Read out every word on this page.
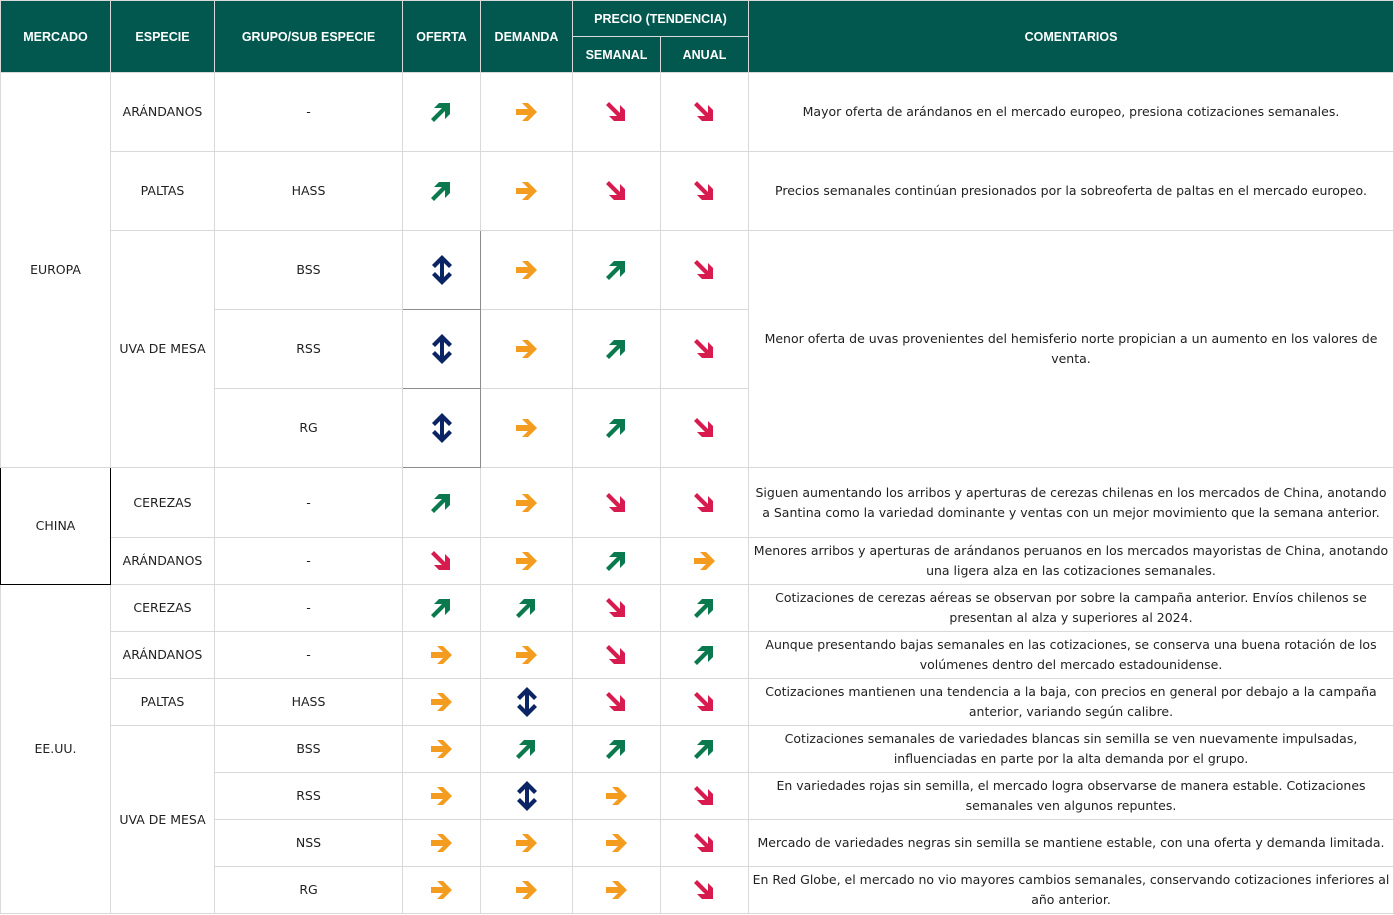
MERCADO	ESPECIE	GRUPO/SUB ESPECIE	OFERTA	DEMANDA	PRECIO (TENDENCIA)		COMENTARIOS
					SEMANAL	ANUAL	
EUROPA	ARÁNDANOS	-					Mayor oferta de arándanos en el mercado europeo, presiona cotizaciones semanales.
	PALTAS	HASS					Precios semanales continúan presionados por la sobreoferta de paltas en el mercado europeo.
	UVA DE MESA	BSS					Menor oferta de uvas provenientes del hemisferio norte propician a un aumento en los valores de venta.
		RSS	

		RG	

CHINA	CEREZAS	-					Siguen aumentando los arribos y aperturas de cerezas chilenas en los mercados de China, anotando a Santina como la variedad dominante y ventas con un mejor movimiento que la semana anterior.
	ARÁNDANOS	-					Menores arribos y aperturas de arándanos peruanos en los mercados mayoristas de China, anotando una ligera alza en las cotizaciones semanales.
EE.UU.	CEREZAS	-					Cotizaciones de cerezas aéreas se observan por sobre la campaña anterior. Envíos chilenos se presentan al alza y superiores al 2024.
	ARÁNDANOS	-					Aunque presentando bajas semanales en las cotizaciones, se conserva una buena rotación de los volúmenes dentro del mercado estadounidense.
	PALTAS	HASS					Cotizaciones mantienen una tendencia a la baja, con precios en general por debajo a la campaña anterior, variando según calibre.
	UVA DE MESA	BSS					Cotizaciones semanales de variedades blancas sin semilla se ven nuevamente impulsadas, influenciadas en parte por la alta demanda por el grupo.
		RSS					En variedades rojas sin semilla, el mercado logra observarse de manera estable. Cotizaciones semanales ven algunos repuntes.
		NSS					Mercado de variedades negras sin semilla se mantiene estable, con una oferta y demanda limitada.
		RG					En Red Globe, el mercado no vio mayores cambios semanales, conservando cotizaciones inferiores al año anterior.
